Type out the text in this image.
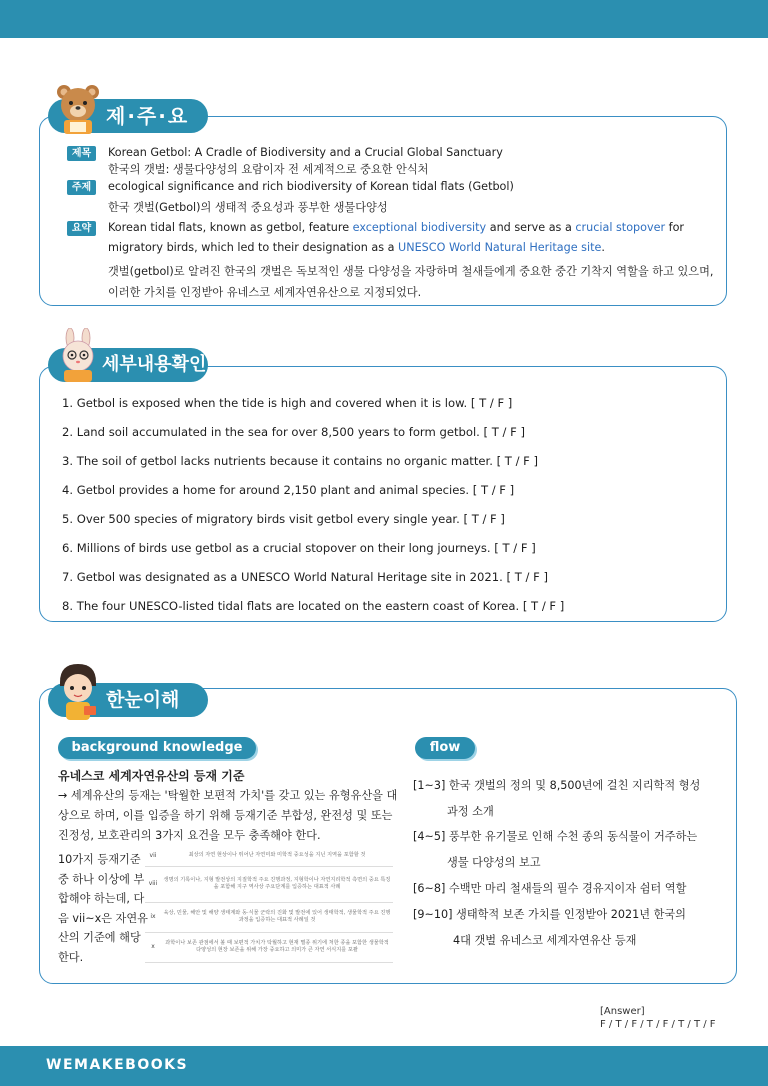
제·주·요
제목	Korean Getbol: A Cradle of Biodiversity and a Crucial Global Sanctuary
한국의 갯벌: 생물다양성의 요람이자 전 세계적으로 중요한 안식처
주제	ecological significance and rich biodiversity of Korean tidal flats (Getbol)
한국 갯벌(Getbol)의 생태적 중요성과 풍부한 생물다양성
요약	Korean tidal flats, known as getbol, feature exceptional biodiversity and serve as a crucial stopover for migratory birds, which led to their designation as a UNESCO World Natural Heritage site.
갯벌(getbol)로 알려진 한국의 갯벌은 독보적인 생물 다양성을 자랑하며 철새들에게 중요한 중간 기착지 역할을 하고 있으며, 이러한 가치를 인정받아 유네스코 세계자연유산으로 지정되었다.
세부내용확인
1. Getbol is exposed when the tide is high and covered when it is low. [ T / F ]
2. Land soil accumulated in the sea for over 8,500 years to form getbol. [ T / F ]
3. The soil of getbol lacks nutrients because it contains no organic matter. [ T / F ]
4. Getbol provides a home for around 2,150 plant and animal species. [ T / F ]
5. Over 500 species of migratory birds visit getbol every single year. [ T / F ]
6. Millions of birds use getbol as a crucial stopover on their long journeys. [ T / F ]
7. Getbol was designated as a UNESCO World Natural Heritage site in 2021. [ T / F ]
8. The four UNESCO-listed tidal flats are located on the eastern coast of Korea. [ T / F ]
한눈이해
background knowledge	flow
유네스코 세계자연유산의 등재 기준
→ 세계유산의 등재는 '탁월한 보편적 가치'를 갖고 있는 유형유산을 대상으로 하며, 이를 입증을 하기 위해 등재기준 부합성, 완전성 및 또는 진정성, 보호관리의 3가지 요건을 모두 충족해야 한다.
10가지 등재기준 중 하나 이상에 부합해야 하는데, 다음 vii~x은 자연유산의 기준에 해당한다.
vii	최상의 자연 현상이나 뛰어난 자연미와 미학적 중요성을 지닌 지역을 포함할 것
viii	생명의 기록이나, 지형 발전상의 지질학적 주요 진행과정, 지형학이나 자연지리학적 측면의 중요 특징을 포함해 지구 역사상 주요단계를 입증하는 대표적 사례
ix	육상, 민물, 해안 및 해양 생태계와 동·식물 군락의 진화 및 발전에 있어 생태학적, 생물학적 주요 진행 과정을 입증하는 대표적 사례일 것
x	과학이나 보존 관점에서 볼 때 보편적 가치가 탁월하고 현재 멸종 위기에 처한 종을 포함한 생물학적 다양성의 현장 보존을 위해 가장 중요하고 의미가 큰 자연 서식지를 포괄
[1~3] 한국 갯벌의 정의 및 8,500년에 걸친 지리학적 형성
과정 소개
[4~5] 풍부한 유기물로 인해 수천 종의 동식물이 거주하는
생물 다양성의 보고
[6~8] 수백만 마리 철새들의 필수 경유지이자 쉼터 역할
[9~10] 생태학적 보존 가치를 인정받아 2021년 한국의
4대 갯벌 유네스코 세계자연유산 등재
[Answer]
F / T / F / T / F / T / T / F
WEMAKEBOOKS
